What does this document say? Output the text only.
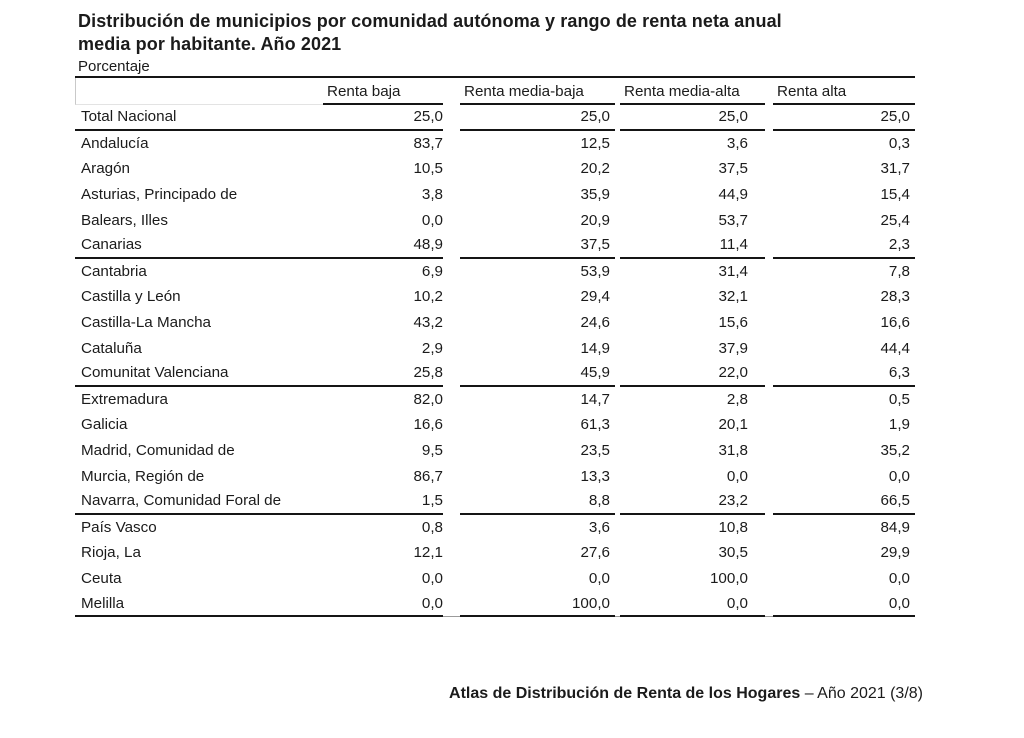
Distribución de municipios por comunidad autónoma y rango de renta neta anual
media por habitante. Año 2021
Porcentaje
Renta baja	Renta media-baja	Renta media-alta	Renta alta
Total Nacional	25,0	25,0	25,0	25,0
Andalucía	83,7	12,5	3,6	0,3
Aragón	10,5	20,2	37,5	31,7
Asturias, Principado de	3,8	35,9	44,9	15,4
Balears, Illes	0,0	20,9	53,7	25,4
Canarias	48,9	37,5	11,4	2,3
Cantabria	6,9	53,9	31,4	7,8
Castilla y León	10,2	29,4	32,1	28,3
Castilla-La Mancha	43,2	24,6	15,6	16,6
Cataluña	2,9	14,9	37,9	44,4
Comunitat Valenciana	25,8	45,9	22,0	6,3
Extremadura	82,0	14,7	2,8	0,5
Galicia	16,6	61,3	20,1	1,9
Madrid, Comunidad de	9,5	23,5	31,8	35,2
Murcia, Región de	86,7	13,3	0,0	0,0
Navarra, Comunidad Foral de	1,5	8,8	23,2	66,5
País Vasco	0,8	3,6	10,8	84,9
Rioja, La	12,1	27,6	30,5	29,9
Ceuta	0,0	0,0	100,0	0,0
Melilla	0,0	100,0	0,0	0,0
Atlas de Distribución de Renta de los Hogares – Año 2021 (3/8)
